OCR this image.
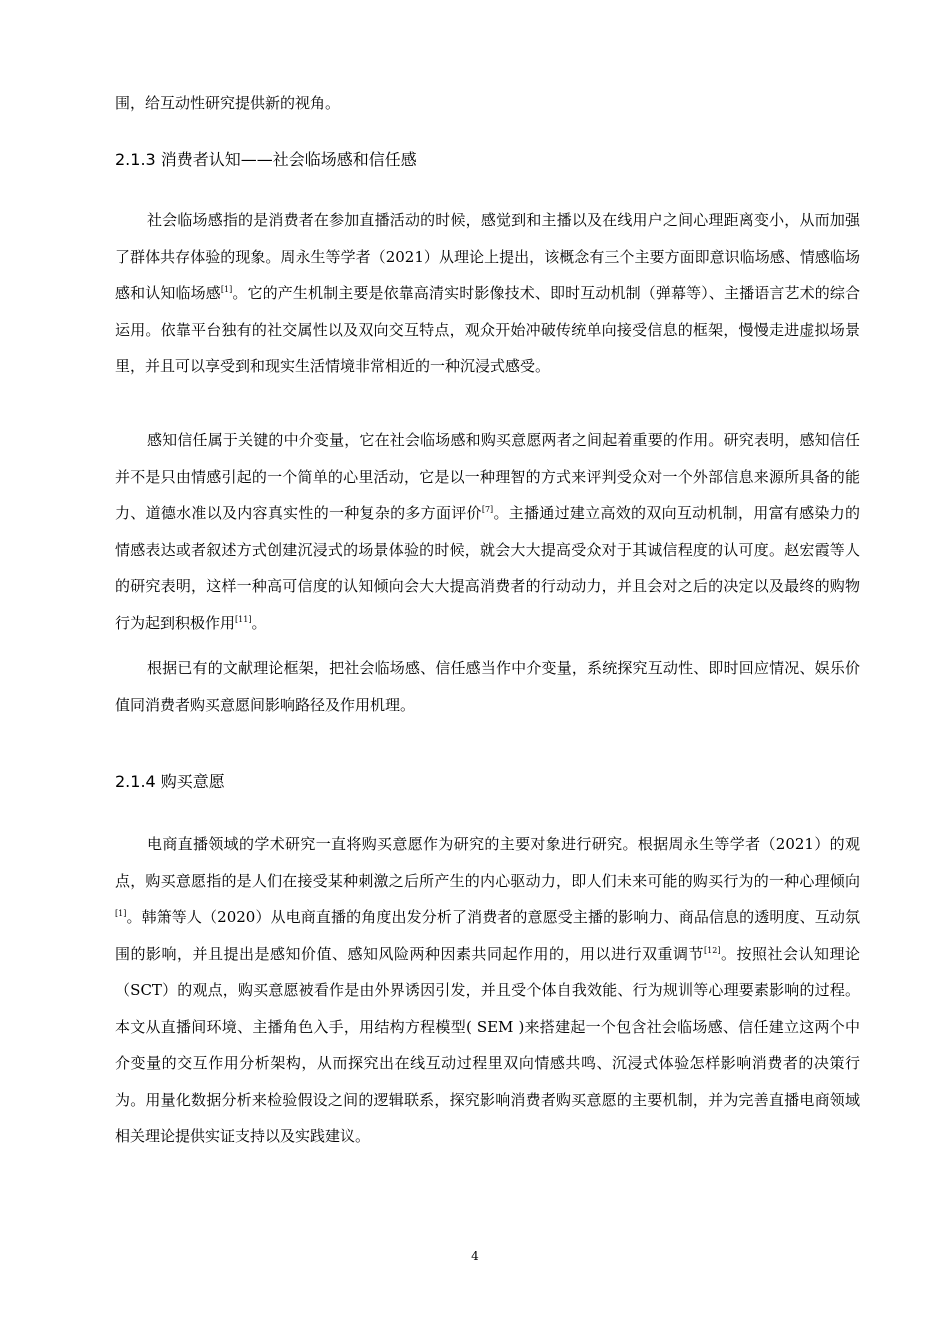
围，给互动性研究提供新的视角。

2.1.3 消费者认知——社会临场感和信任感

社会临场感指的是消费者在参加直播活动的时候，感觉到和主播以及在线用户之间心理距离变小，从而加强了群体共存体验的现象。周永生等学者（2021）从理论上提出，该概念有三个主要方面即意识临场感、情感临场感和认知临场感[1]。它的产生机制主要是依靠高清实时影像技术、即时互动机制（弹幕等）、主播语言艺术的综合运用。依靠平台独有的社交属性以及双向交互特点，观众开始冲破传统单向接受信息的框架，慢慢走进虚拟场景里，并且可以享受到和现实生活情境非常相近的一种沉浸式感受。

感知信任属于关键的中介变量，它在社会临场感和购买意愿两者之间起着重要的作用。研究表明，感知信任并不是只由情感引起的一个简单的心里活动，它是以一种理智的方式来评判受众对一个外部信息来源所具备的能力、道德水准以及内容真实性的一种复杂的多方面评价[7]。主播通过建立高效的双向互动机制，用富有感染力的情感表达或者叙述方式创建沉浸式的场景体验的时候，就会大大提高受众对于其诚信程度的认可度。赵宏霞等人的研究表明，这样一种高可信度的认知倾向会大大提高消费者的行动动力，并且会对之后的决定以及最终的购物行为起到积极作用[11]。

根据已有的文献理论框架，把社会临场感、信任感当作中介变量，系统探究互动性、即时回应情况、娱乐价值同消费者购买意愿间影响路径及作用机理。

2.1.4 购买意愿

电商直播领域的学术研究一直将购买意愿作为研究的主要对象进行研究。根据周永生等学者（2021）的观点，购买意愿指的是人们在接受某种刺激之后所产生的内心驱动力，即人们未来可能的购买行为的一种心理倾向[1]。韩箫等人（2020）从电商直播的角度出发分析了消费者的意愿受主播的影响力、商品信息的透明度、互动氛围的影响，并且提出是感知价值、感知风险两种因素共同起作用的，用以进行双重调节[12]。按照社会认知理论（SCT）的观点，购买意愿被看作是由外界诱因引发，并且受个体自我效能、行为规训等心理要素影响的过程。本文从直播间环境、主播角色入手，用结构方程模型( SEM )来搭建起一个包含社会临场感、信任建立这两个中介变量的交互作用分析架构，从而探究出在线互动过程里双向情感共鸣、沉浸式体验怎样影响消费者的决策行为。用量化数据分析来检验假设之间的逻辑联系，探究影响消费者购买意愿的主要机制，并为完善直播电商领域相关理论提供实证支持以及实践建议。

4
